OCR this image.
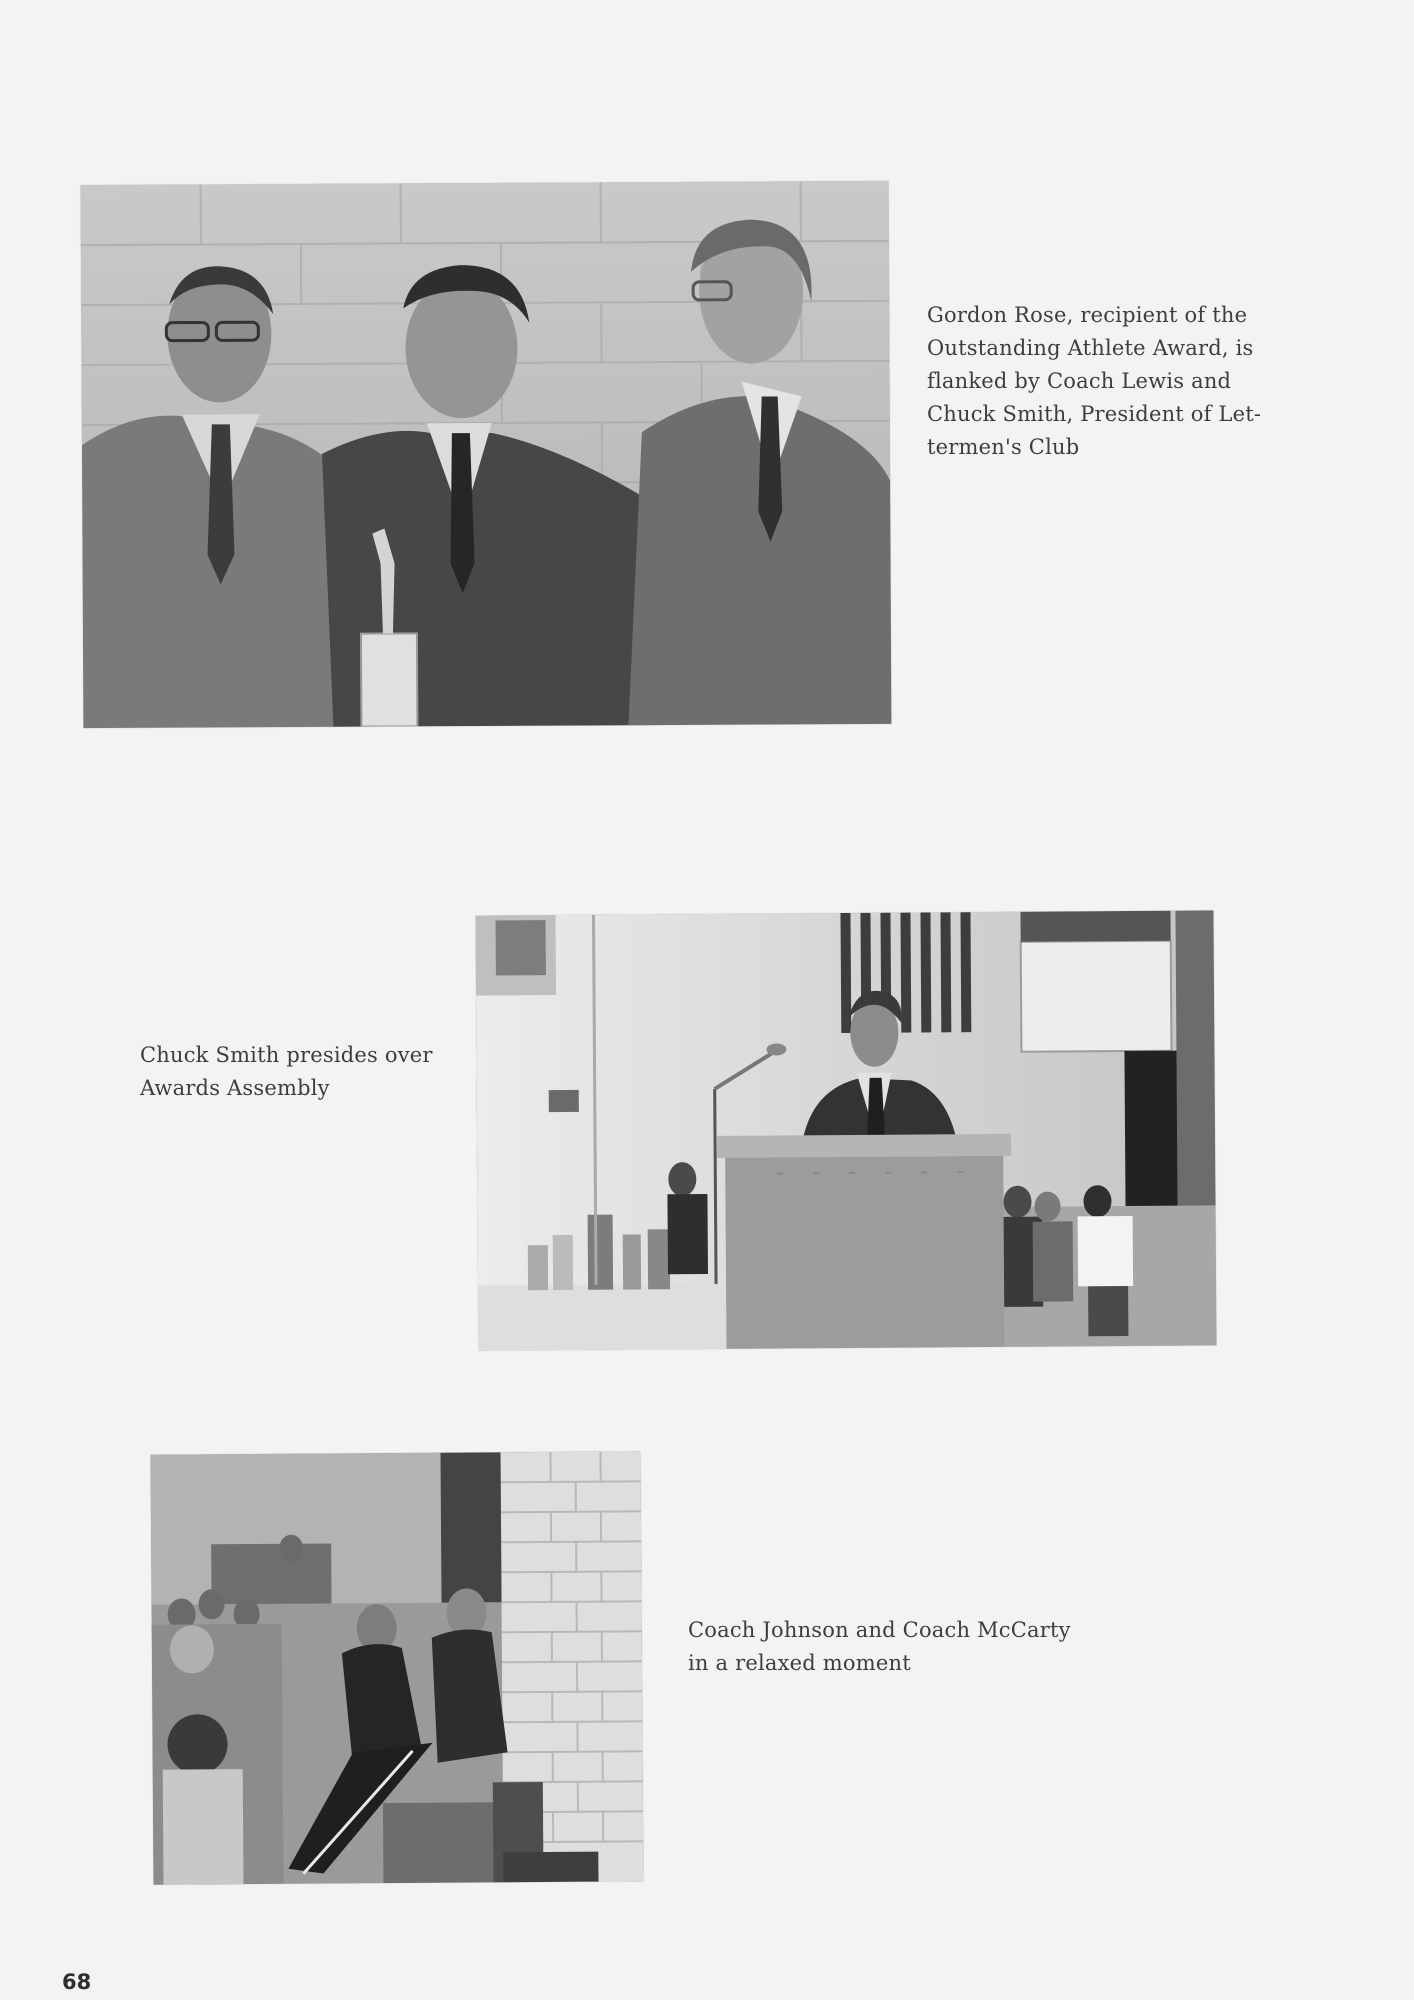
Gordon Rose, recipient of the
Outstanding Athlete Award, is
flanked by Coach Lewis and
Chuck Smith, President of Let-
termen's Club
Chuck Smith presides over
Awards Assembly
Coach Johnson and Coach McCarty
in a relaxed moment
68
